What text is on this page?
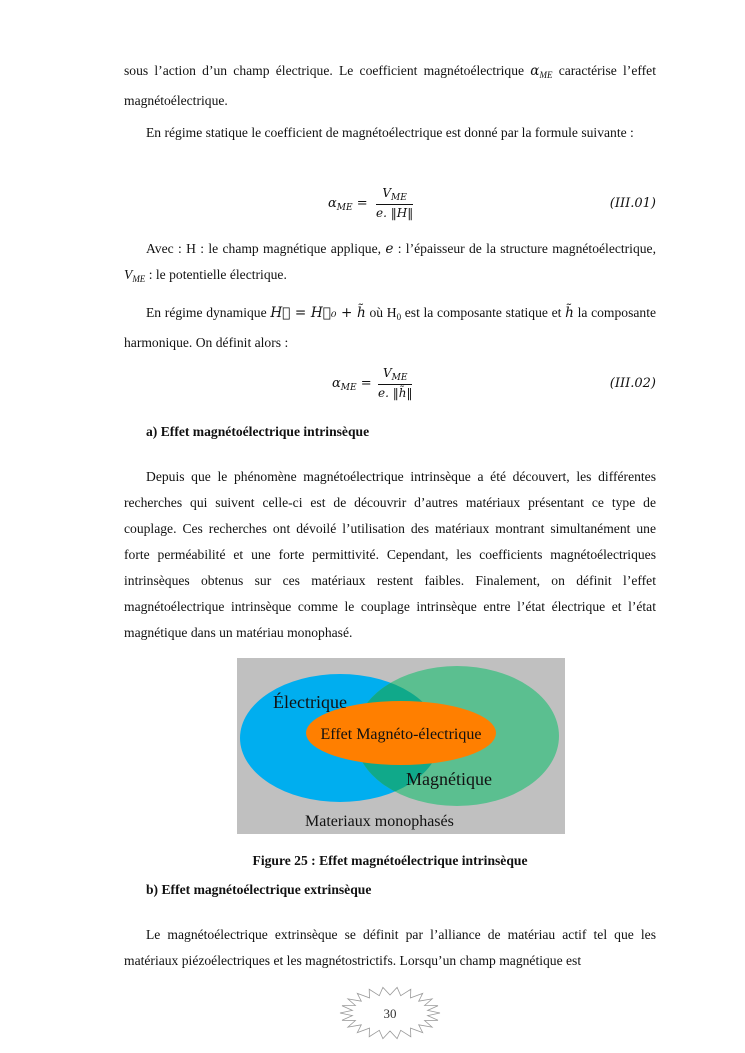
sous l’action d’un champ électrique. Le coefficient magnétoélectrique $\alpha_{ME}$ caractérise l’effet magnétoélectrique.

En régime statique le coefficient de magnétoélectrique est donné par la formule suivante :

$\alpha_{ME}$ =
$V_{ME}$
e. ‖H‖
(III.01)

Avec : H : le champ magnétique applique, e : l’épaisseur de la structure magnétoélectrique, $V_{ME}$ : le potentielle électrique.

En régime dynamique H⃗ = H⃗₀ + h̃ où $H_0$ est la composante statique et h̃ la composante harmonique. On définit alors :

$\alpha_{ME}$ =
$V_{ME}$
e. ‖h̃‖
(III.02)

a) Effet magnétoélectrique intrinsèque

Depuis que le phénomène magnétoélectrique intrinsèque a été découvert, les différentes recherches qui suivent celle-ci est de découvrir d’autres matériaux présentant ce type de couplage. Ces recherches ont dévoilé l’utilisation des matériaux montrant simultanément une forte perméabilité et une forte permittivité. Cependant, les coefficients magnétoélectriques intrinsèques obtenus sur ces matériaux restent faibles. Finalement, on définit l’effet magnétoélectrique intrinsèque comme le couplage intrinsèque entre l’état électrique et l’état magnétique dans un matériau monophasé.

Électrique
Effet Magnéto-électrique
Magnétique
Materiaux monophasés
Figure 25 : Effet magnétoélectrique intrinsèque

b) Effet magnétoélectrique extrinsèque

Le magnétoélectrique extrinsèque se définit par l’alliance de matériau actif tel que les matériaux piézoélectriques et les magnétostrictifs. Lorsqu’un champ magnétique est

30
